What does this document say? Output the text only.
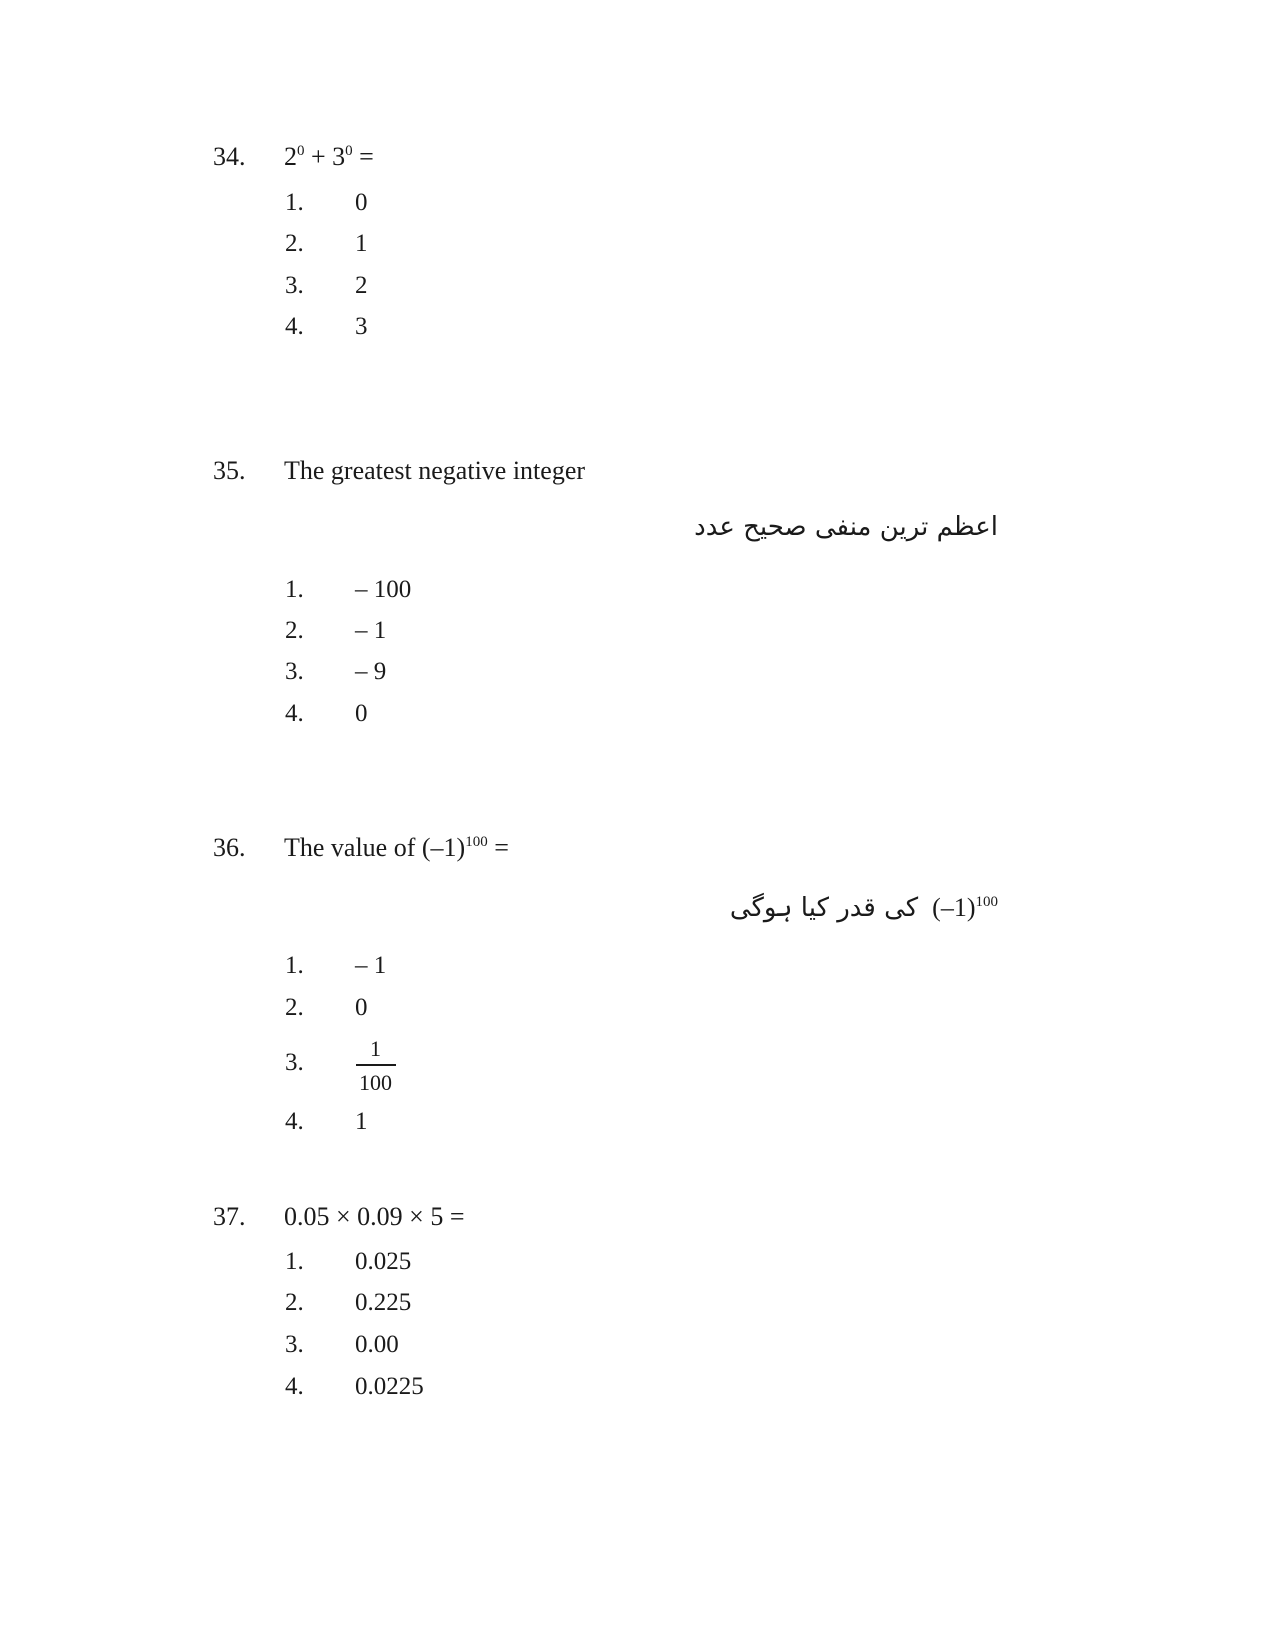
34. $2^0 + 3^0$ =
1. 0
2. 1
3. 2
4. 3
35. The greatest negative integer
اعظم ترین منفی صحیح عدد
1. – 100
2. – 1
3. – 9
4. 0
36. The value of $(-1)^{100}$ =
کی قدر کیا ہوگی $(-1)^{100}$
1. – 1
2. 0
3. $\frac{1}{100}$
4. 1
37. 0.05 × 0.09 × 5 =
1. 0.025
2. 0.225
3. 0.00
4. 0.0225
